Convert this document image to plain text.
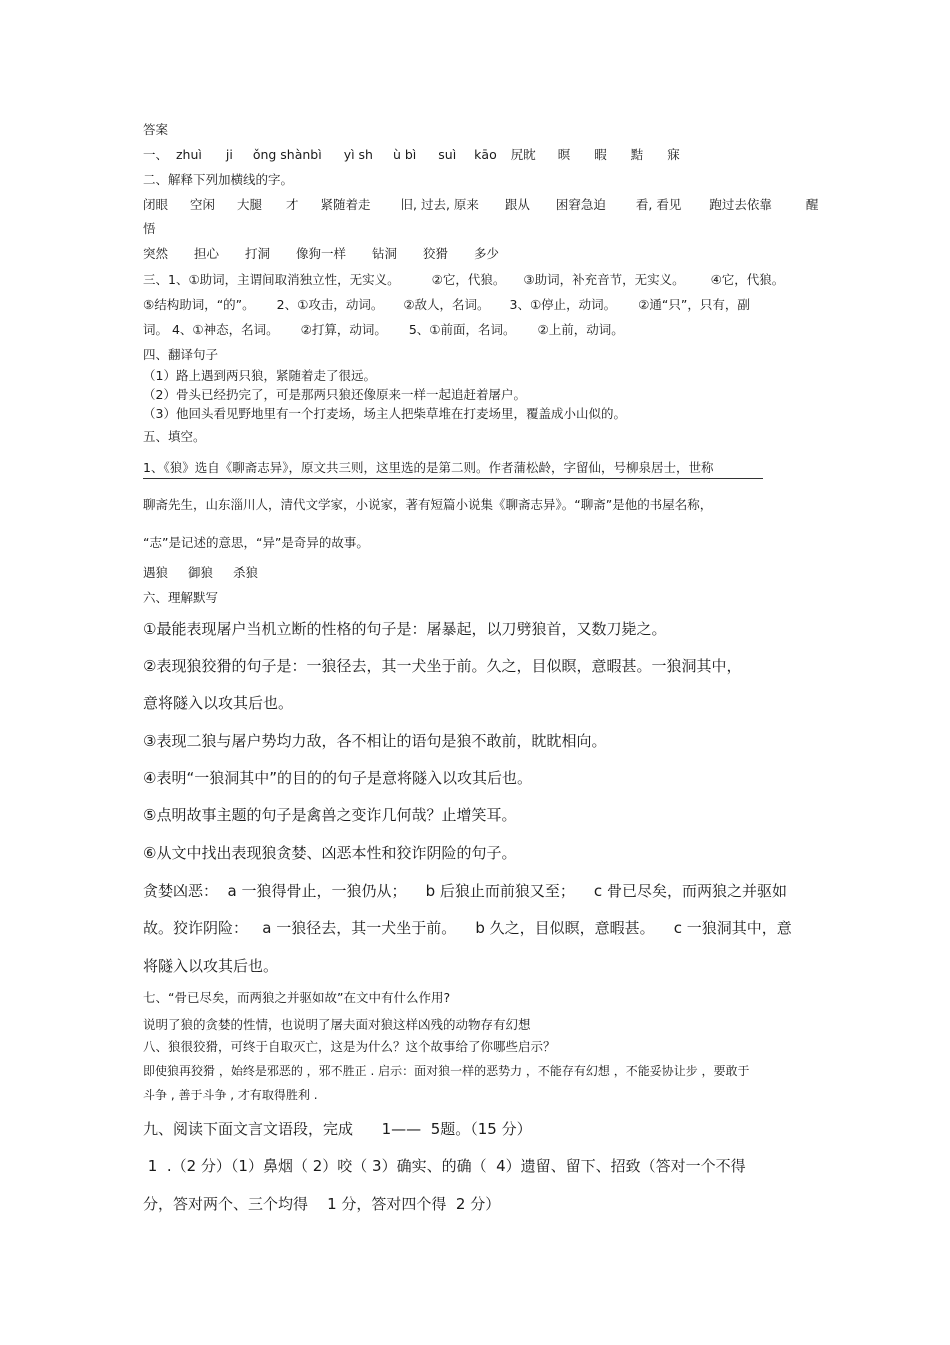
答案
一、 zhuì ji ǒng shànbì yì sh ù bì suì kāo 尻眈 暝 暇 黠 寐
二、解释下列加横线的字。
闭眼 空闲 大腿 才 紧随着走 旧, 过去, 原来 跟从 困窘急迫 看, 看见 跑过去依靠	醒
悟
突然 担心 打洞 像狗一样 钻洞 狡猾 多少
三、1、①助词，主谓间取消独立性，无实义。	②它，代狼。 ③助词，补充音节，无实义。 ④它，代狼。
⑤结构助词，“的”。 2、①攻击，动词。 ②敌人，名词。 3、①停止，动词。 ②通“只”，只有，副
词。 4、①神态，名词。 ②打算，动词。 5、①前面，名词。 ②上前，动词。
四、翻译句子
（1）路上遇到两只狼，紧随着走了很远。
（2）骨头已经扔完了，可是那两只狼还像原来一样一起追赶着屠户。
（3）他回头看见野地里有一个打麦场，场主人把柴草堆在打麦场里，覆盖成小山似的。
五、填空。
1、《狼》选自《聊斋志异》，原文共三则，这里选的是第二则。作者蒲松龄，字留仙，号柳泉居士，世称
聊斋先生，山东淄川人，清代文学家，小说家，著有短篇小说集《聊斋志异》。“聊斋”是他的书屋名称，
“志”是记述的意思，“异”是奇异的故事。
遇狼 御狼 杀狼
六、理解默写
①最能表现屠户当机立断的性格的句子是：屠暴起，以刀劈狼首，又数刀毙之。
②表现狼狡猾的句子是：一狼径去，其一犬坐于前。久之，目似瞑，意暇甚。一狼洞其中，
意将隧入以攻其后也。
③表现二狼与屠户势均力敌，各不相让的语句是狼不敢前，眈眈相向。
④表明“一狼洞其中”的目的的句子是意将隧入以攻其后也。
⑤点明故事主题的句子是禽兽之变诈几何哉？止增笑耳。
⑥从文中找出表现狼贪婪、凶恶本性和狡诈阴险的句子。
贪婪凶恶：  a 一狼得骨止，一狼仍从；    b 后狼止而前狼又至；    c 骨已尽矣，而两狼之并驱如
故。狡诈阴险：   a 一狼径去，其一犬坐于前。    b 久之，目似瞑，意暇甚。    c 一狼洞其中，意
将隧入以攻其后也。
七、“骨已尽矣，而两狼之并驱如故”在文中有什么作用?
说明了狼的贪婪的性情，也说明了屠夫面对狼这样凶残的动物存有幻想
八、狼很狡猾，可终于自取灭亡，这是为什么？这个故事给了你哪些启示？
即使狼再狡猾 ，始终是邪恶的 ，邪不胜正 . 启示：面对狼一样的恶势力 ，不能存有幻想 ，不能妥协让步 ，要敢于
斗争 , 善于斗争 , 才有取得胜利 .
九、阅读下面文言文语段，完成      1——  5题。（15 分）
1  .（2 分）（1）鼻烟（ 2）咬（ 3）确实、的确（  4）遗留、留下、招致（答对一个不得
分，答对两个、三个均得    1 分，答对四个得  2 分）
